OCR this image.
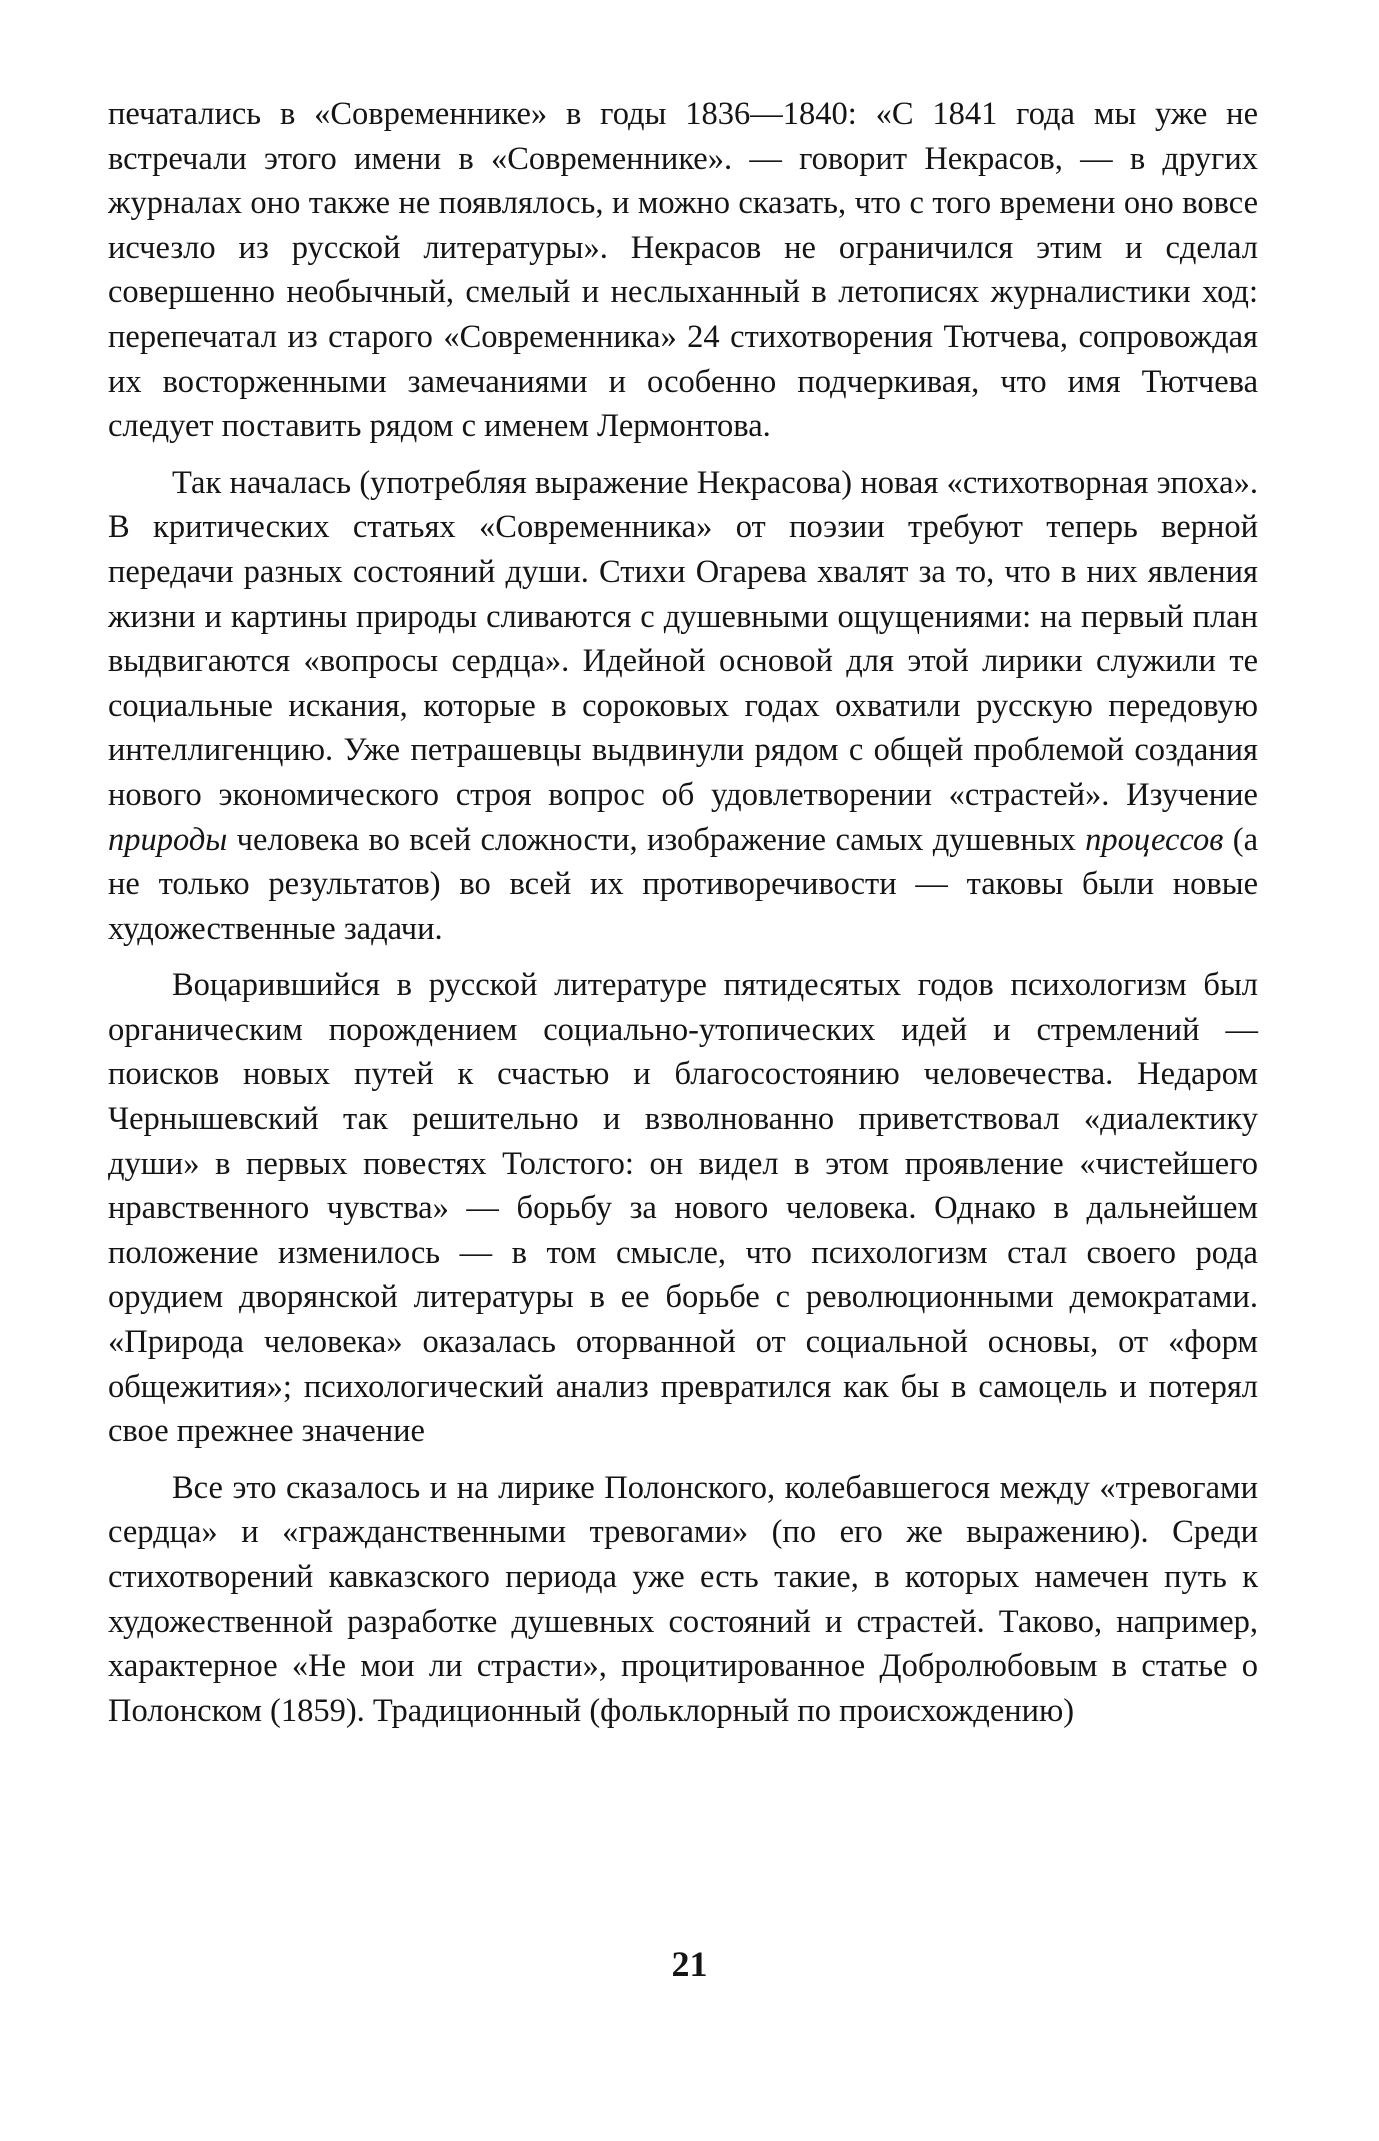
печатались в «Современнике» в годы 1836—1840: «С 1841 года мы уже не встречали этого имени в «Современнике». — говорит Некрасов, — в других журналах оно также не появлялось, и можно сказать, что с того времени оно вовсе исчезло из русской литературы». Некрасов не ограничился этим и сделал совершенно необычный, смелый и неслыханный в летописях журналистики ход: перепечатал из старого «Современника» 24 стихотворения Тютчева, сопровождая их восторженными замечаниями и особенно подчеркивая, что имя Тютчева следует поставить рядом с именем Лермонтова.

Так началась (употребляя выражение Некрасова) новая «стихотворная эпоха». В критических статьях «Современника» от поэзии требуют теперь верной передачи разных состояний души. Стихи Огарева хвалят за то, что в них явления жизни и картины природы сливаются с душевными ощущениями: на первый план выдвигаются «вопросы сердца». Идейной основой для этой лирики служили те социальные искания, которые в сороковых годах охватили русскую передовую интеллигенцию. Уже петрашевцы выдвинули рядом с общей проблемой создания нового экономического строя вопрос об удовлетворении «страстей». Изучение природы человека во всей сложности, изображение самых душевных процессов (а не только результатов) во всей их противоречивости — таковы были новые художественные задачи.

Воцарившийся в русской литературе пятидесятых годов психологизм был органическим порождением социально-утопических идей и стремлений — поисков новых путей к счастью и благосостоянию человечества. Недаром Чернышевский так решительно и взволнованно приветствовал «диалектику души» в первых повестях Толстого: он видел в этом проявление «чистейшего нравственного чувства» — борьбу за нового человека. Однако в дальнейшем положение изменилось — в том смысле, что психологизм стал своего рода орудием дворянской литературы в ее борьбе с революционными демократами. «Природа человека» оказалась оторванной от социальной основы, от «форм общежития»; психологический анализ превратился как бы в самоцель и потерял свое прежнее значение

Все это сказалось и на лирике Полонского, колебавшегося между «тревогами сердца» и «гражданственными тревогами» (по его же выражению). Среди стихотворений кавказского периода уже есть такие, в которых намечен путь к художественной разработке душевных состояний и страстей. Таково, например, характерное «Не мои ли страсти», процитированное Добролюбовым в статье о Полонском (1859). Традиционный (фольклорный по происхождению)

21
